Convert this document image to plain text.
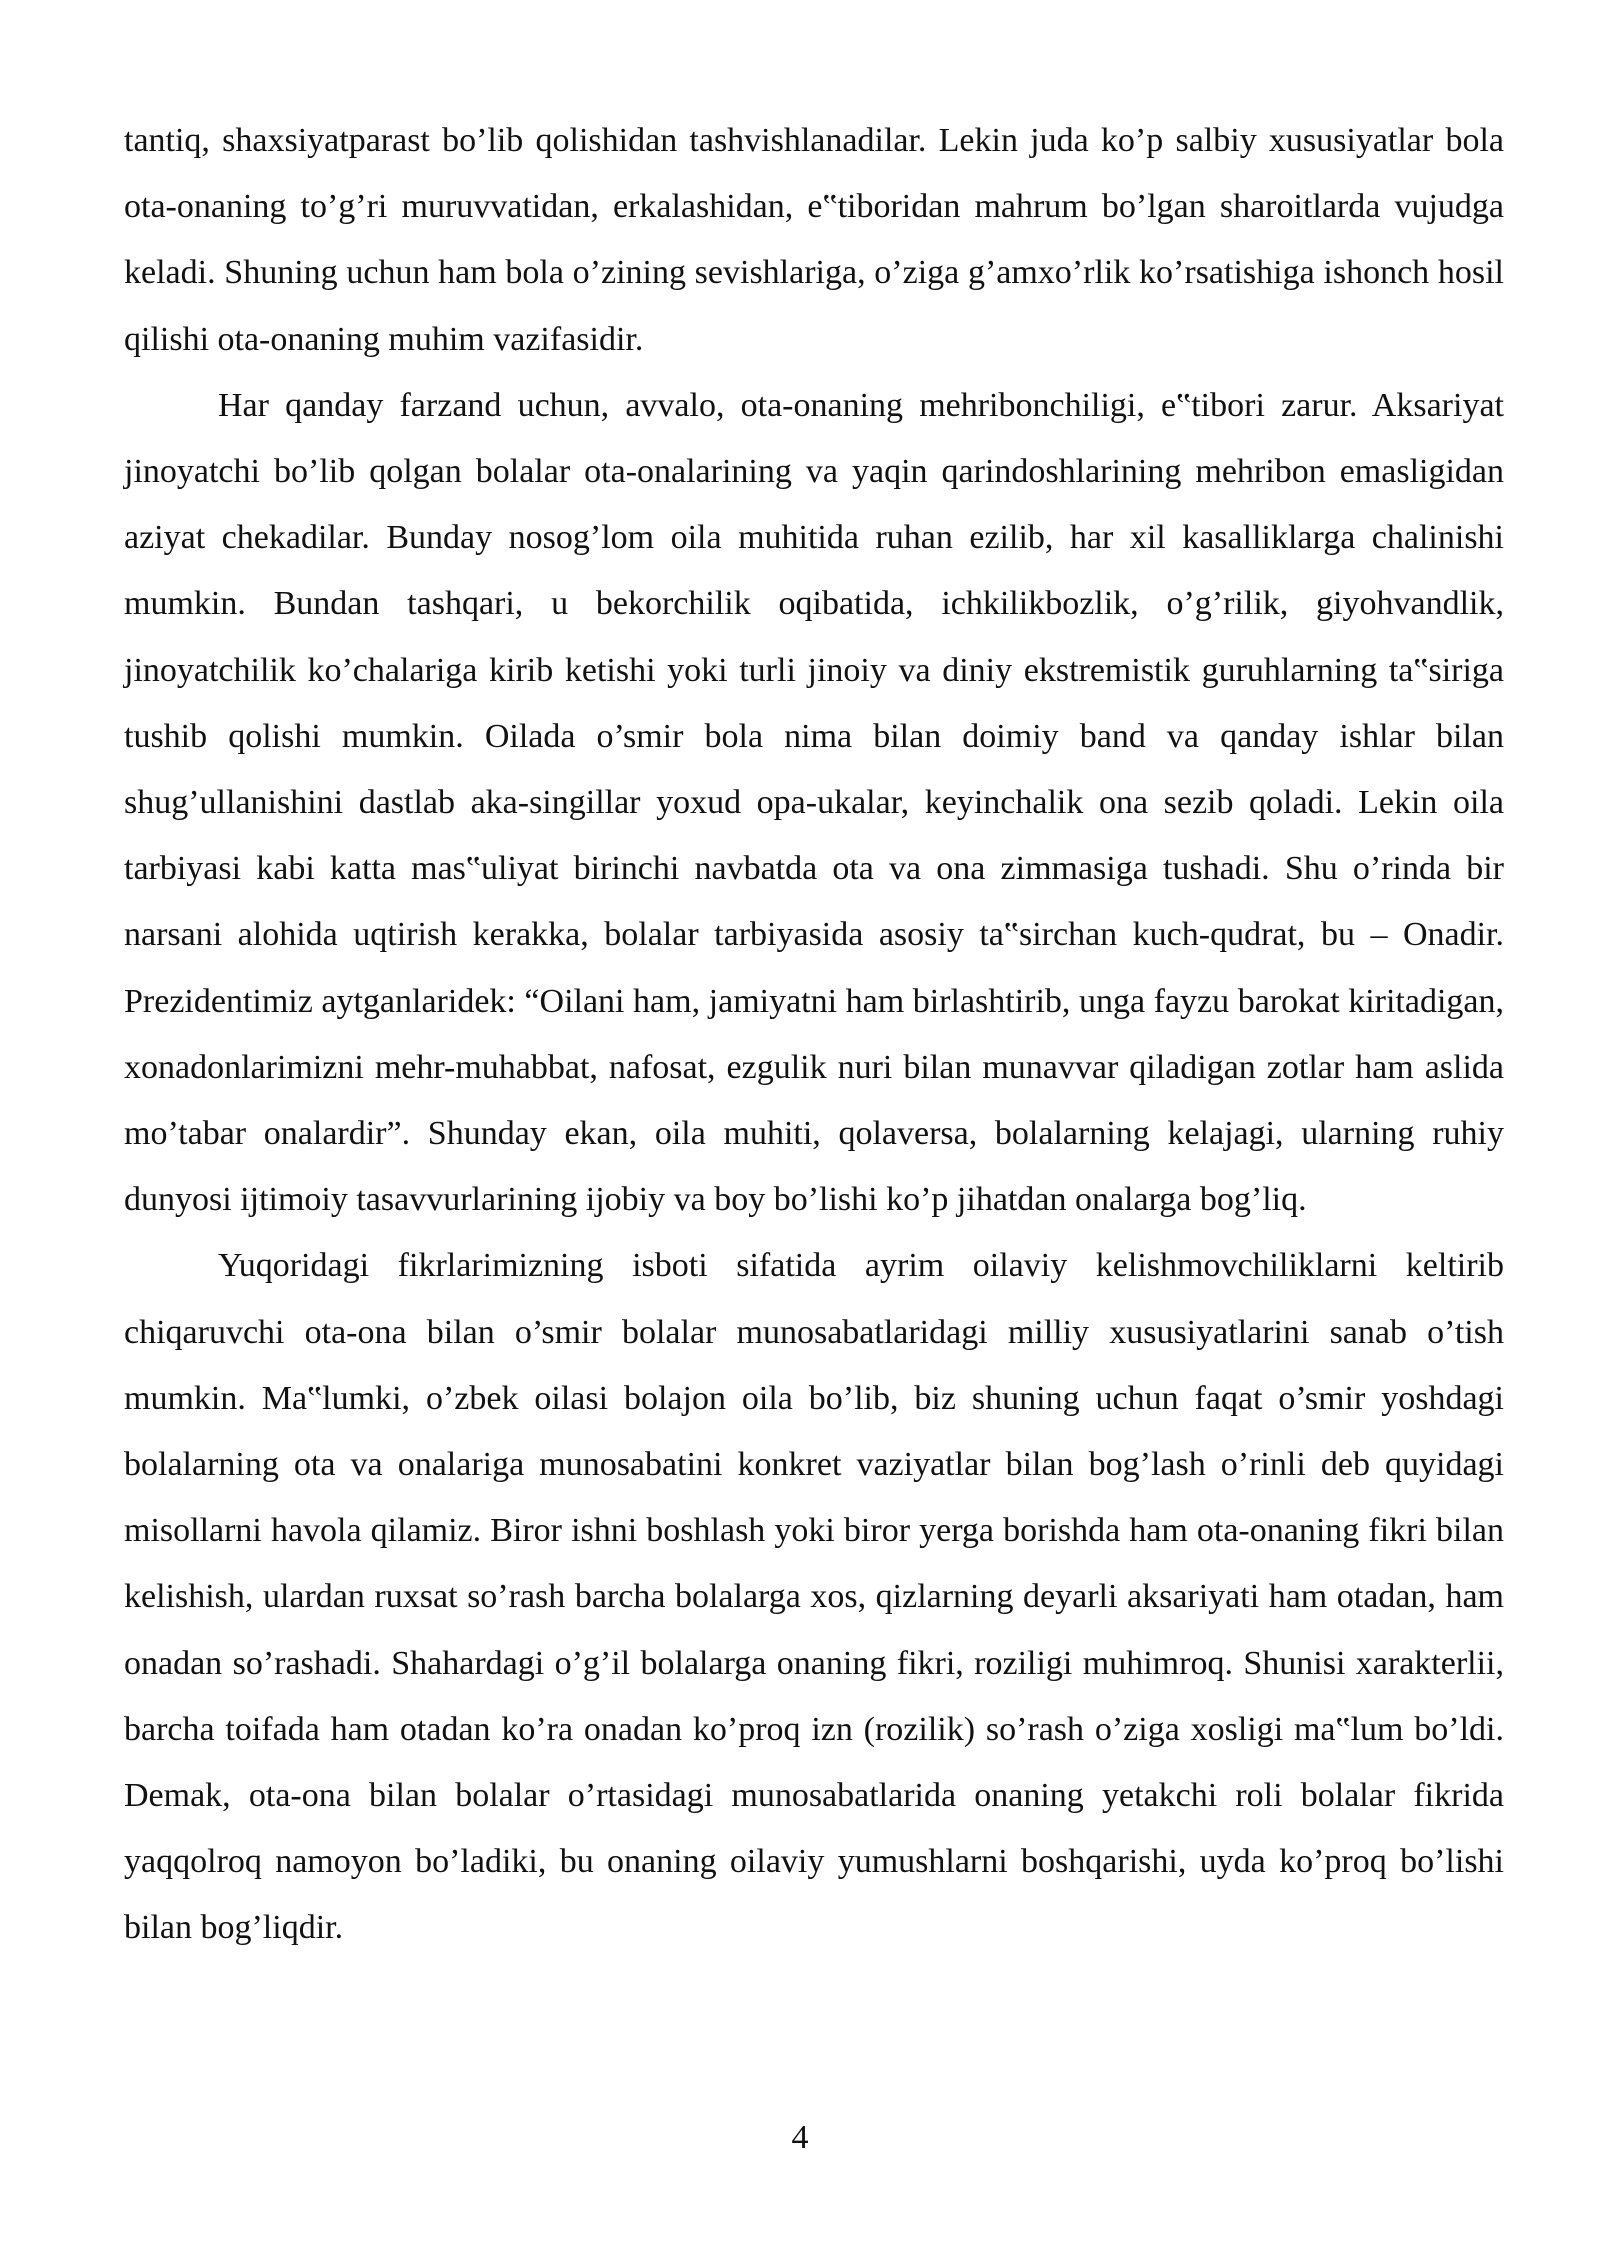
tantiq, shaxsiyatparast bo’lib qolishidan tashvishlanadilar. Lekin juda ko’p salbiy xususiyatlar bola ota-onaning to’g’ri muruvvatidan, erkalashidan, e‟tiboridan mahrum bo’lgan sharoitlarda vujudga keladi. Shuning uchun ham bola o’zining sevishlariga, o’ziga g’amxo’rlik ko’rsatishiga ishonch hosil qilishi ota-onaning muhim vazifasidir.

Har qanday farzand uchun, avvalo, ota-onaning mehribonchiligi, e‟tibori zarur. Aksariyat jinoyatchi bo’lib qolgan bolalar ota-onalarining va yaqin qarindoshlarining mehribon emasligidan aziyat chekadilar. Bunday nosog’lom oila muhitida ruhan ezilib, har xil kasalliklarga chalinishi mumkin. Bundan tashqari, u bekorchilik oqibatida, ichkilikbozlik, o’g’rilik, giyohvandlik, jinoyatchilik ko’chalariga kirib ketishi yoki turli jinoiy va diniy ekstremistik guruhlarning ta‟siriga tushib qolishi mumkin. Oilada o’smir bola nima bilan doimiy band va qanday ishlar bilan shug’ullanishini dastlab aka-singillar yoxud opa-ukalar, keyinchalik ona sezib qoladi. Lekin oila tarbiyasi kabi katta mas‟uliyat birinchi navbatda ota va ona zimmasiga tushadi. Shu o’rinda bir narsani alohida uqtirish kerakka, bolalar tarbiyasida asosiy ta‟sirchan kuch-qudrat, bu – Onadir. Prezidentimiz aytganlaridek: “Oilani ham, jamiyatni ham birlashtirib, unga fayzu barokat kiritadigan, xonadonlarimizni mehr-muhabbat, nafosat, ezgulik nuri bilan munavvar qiladigan zotlar ham aslida mo’tabar onalardir”. Shunday ekan, oila muhiti, qolaversa, bolalarning kelajagi, ularning ruhiy dunyosi ijtimoiy tasavvurlarining ijobiy va boy bo’lishi ko’p jihatdan onalarga bog’liq.

Yuqoridagi fikrlarimizning isboti sifatida ayrim oilaviy kelishmovchiliklarni keltirib chiqaruvchi ota-ona bilan o’smir bolalar munosabatlaridagi milliy xususiyatlarini sanab o’tish mumkin. Ma‟lumki, o’zbek oilasi bolajon oila bo’lib, biz shuning uchun faqat o’smir yoshdagi bolalarning ota va onalariga munosabatini konkret vaziyatlar bilan bog’lash o’rinli deb quyidagi misollarni havola qilamiz. Biror ishni boshlash yoki biror yerga borishda ham ota-onaning fikri bilan kelishish, ulardan ruxsat so’rash barcha bolalarga xos, qizlarning deyarli aksariyati ham otadan, ham onadan so’rashadi. Shahardagi o’g’il bolalarga onaning fikri, roziligi muhimroq. Shunisi xarakterlii, barcha toifada ham otadan ko’ra onadan ko’proq izn (rozilik) so’rash o’ziga xosligi ma‟lum bo’ldi. Demak, ota-ona bilan bolalar o’rtasidagi munosabatlarida onaning yetakchi roli bolalar fikrida yaqqolroq namoyon bo’ladiki, bu onaning oilaviy yumushlarni boshqarishi, uyda ko’proq bo’lishi bilan bog’liqdir.

4
